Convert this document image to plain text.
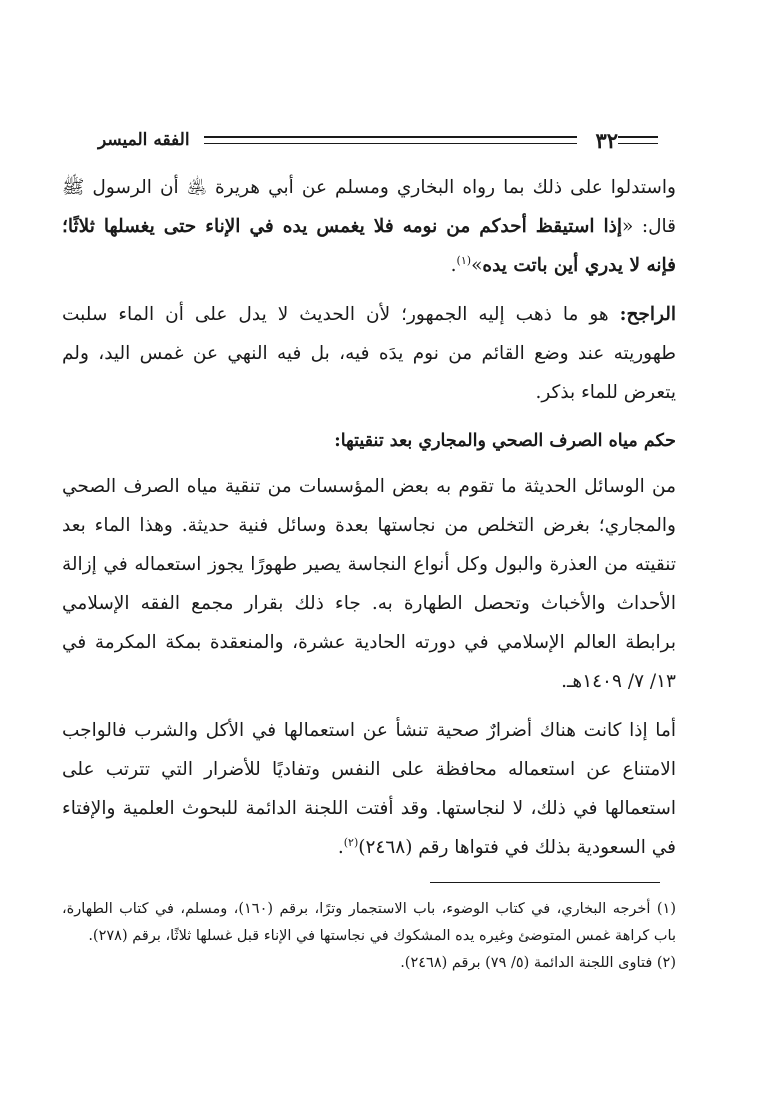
٣٢
الفقه الميسر

واستدلوا على ذلك بما رواه البخاري ومسلم عن أبي هريرة ﵁ أن الرسول ﷺ قال: «إذا استيقظ أحدكم من نومه فلا يغمس يده في الإناء حتى يغسلها ثلاثًا؛ فإنه لا يدري أين باتت يده»$^{(١)}$.

الراجح: هو ما ذهب إليه الجمهور؛ لأن الحديث لا يدل على أن الماء سلبت طهوريته عند وضع القائم من نوم يدَه فيه، بل فيه النهي عن غمس اليد، ولم يتعرض للماء بذكر.

حكم مياه الصرف الصحي والمجاري بعد تنقيتها:

من الوسائل الحديثة ما تقوم به بعض المؤسسات من تنقية مياه الصرف الصحي والمجاري؛ بغرض التخلص من نجاستها بعدة وسائل فنية حديثة. وهذا الماء بعد تنقيته من العذرة والبول وكل أنواع النجاسة يصير طهورًا يجوز استعماله في إزالة الأحداث والأخباث وتحصل الطهارة به. جاء ذلك بقرار مجمع الفقه الإسلامي برابطة العالم الإسلامي في دورته الحادية عشرة، والمنعقدة بمكة المكرمة في ١٣/ ٧/ ١٤٠٩هـ.

أما إذا كانت هناك أضرارٌ صحية تنشأ عن استعمالها في الأكل والشرب فالواجب الامتناع عن استعماله محافظة على النفس وتفاديًا للأضرار التي تترتب على استعمالها في ذلك، لا لنجاستها. وقد أفتت اللجنة الدائمة للبحوث العلمية والإفتاء في السعودية بذلك في فتواها رقم (٢٤٦٨)$^{(٢)}$.

(١) أخرجه البخاري، في كتاب الوضوء، باب الاستجمار وترًا، برقم (١٦٠)، ومسلم، في كتاب الطهارة، باب كراهة غمس المتوضئ وغيره يده المشكوك في نجاستها في الإناء قبل غسلها ثلاثًا، برقم (٢٧٨).

(٢) فتاوى اللجنة الدائمة (٥/ ٧٩) برقم (٢٤٦٨).
